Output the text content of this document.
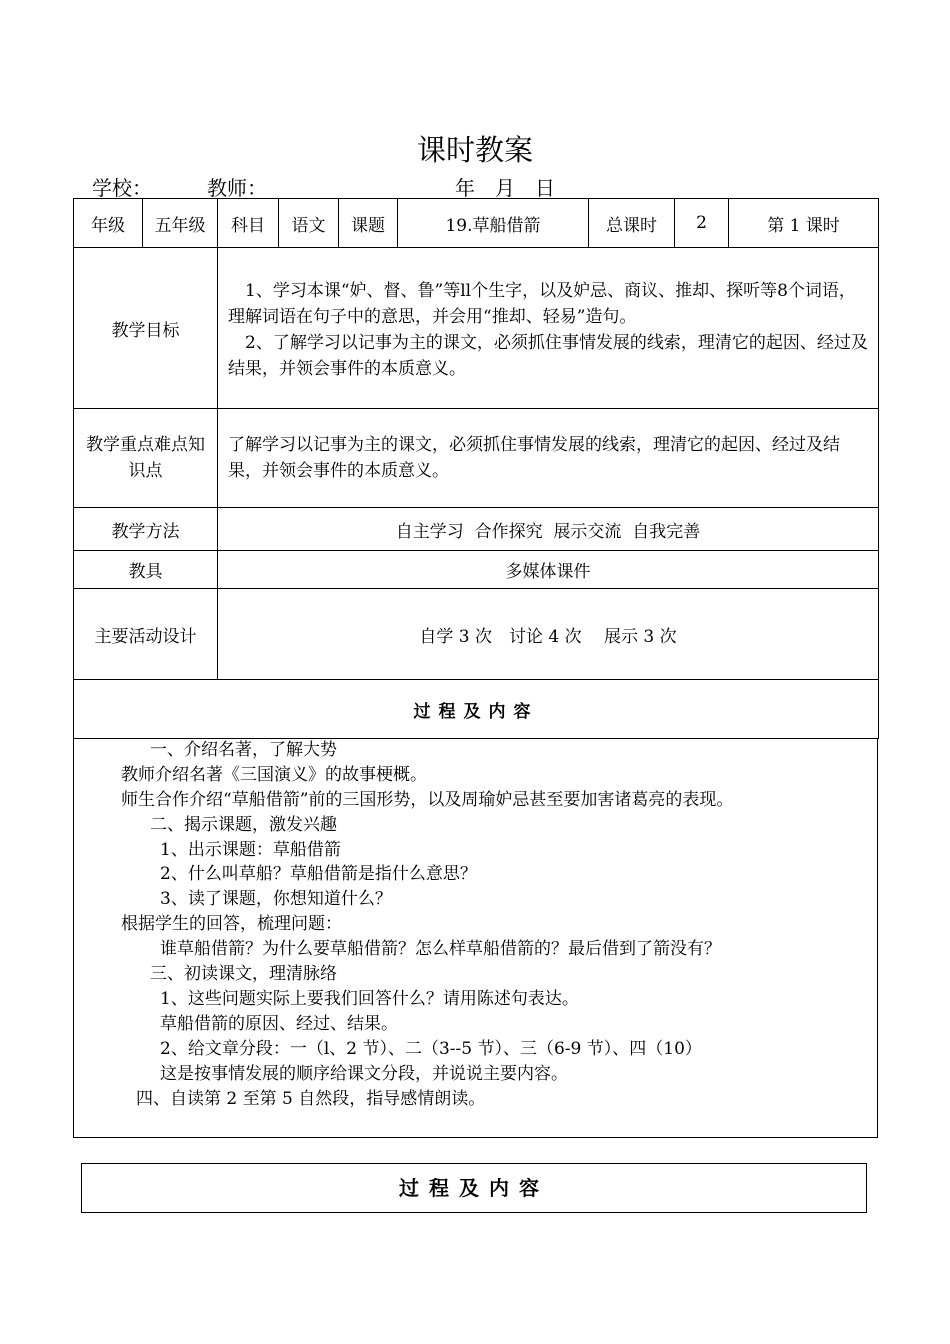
课时教案
学校：	教师：	年　月　日
年级	五年级	科目	语文	课题	19.草船借箭	总课时	2	第 1 课时
教学目标		　1、学习本课“妒、督、鲁”等ll个生字，以及妒忌、商议、推却、探听等8个词语，理解词语在句子中的意思，并会用“推却、轻易”造句。
　2、了解学习以记事为主的课文，必须抓住事情发展的线索，理清它的起因、经过及结果，并领会事件的本质意义。						

教学重点难点知识点		了解学习以记事为主的课文，必须抓住事情发展的线索，理清它的起因、经过及结果，并领会事件的本质意义。						
教学方法		自主学习  合作探究  展示交流  自我完善						
教具		多媒体课件						
主要活动设计		自学 3 次　讨论 4 次　 展示 3 次						
过程及内容								
一、介绍名著，了解大势
教师介绍名著《三国演义》的故事梗概。
师生合作介绍“草船借箭”前的三国形势，以及周瑜妒忌甚至要加害诸葛亮的表现。
二、揭示课题，激发兴趣
1、出示课题：草船借箭
2、什么叫草船？草船借箭是指什么意思？
3、读了课题，你想知道什么？
根据学生的回答，梳理问题：
谁草船借箭？为什么要草船借箭？怎么样草船借箭的？最后借到了箭没有？
三、初读课文，理清脉络
1、这些问题实际上要我们回答什么？请用陈述句表达。
草船借箭的原因、经过、结果。
2、给文章分段：一（l、2 节）、二（3--5 节）、三（6-9 节）、四（10）
这是按事情发展的顺序给课文分段，并说说主要内容。
四、自读第 2 至第 5 自然段，指导感情朗读。
过程及内容
